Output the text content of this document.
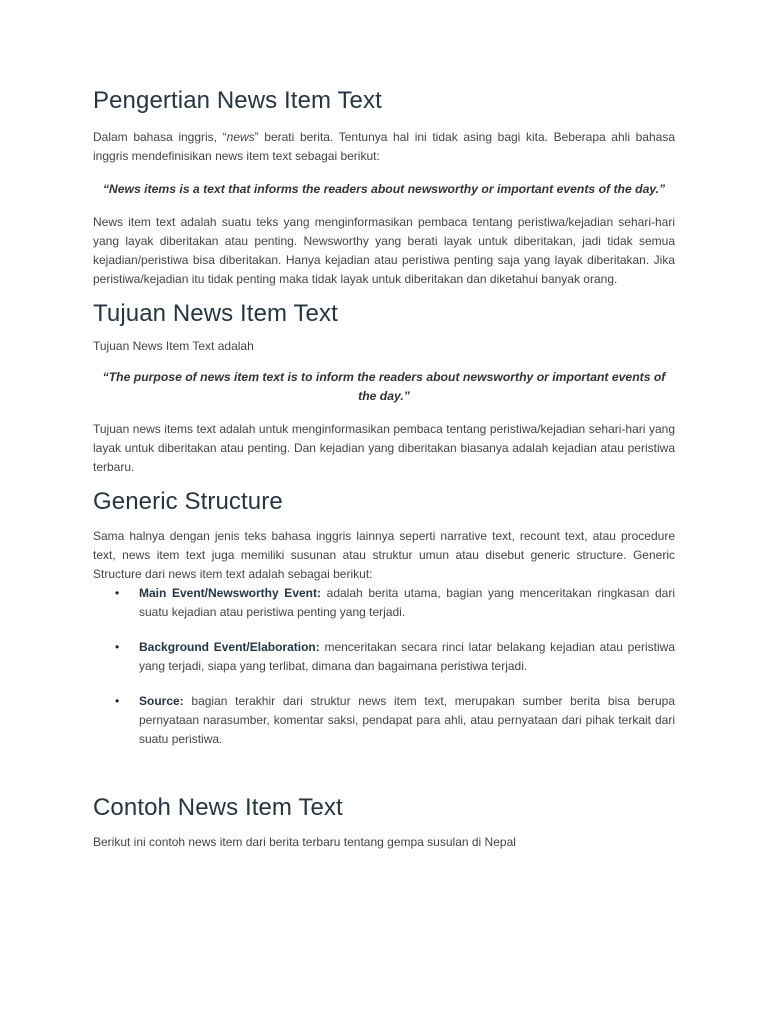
Pengertian News Item Text

Dalam bahasa inggris, “news” berati berita. Tentunya hal ini tidak asing bagi kita. Beberapa ahli bahasa inggris mendefinisikan news item text sebagai berikut:

“News items is a text that informs the readers about newsworthy or important events of the day.”

News item text adalah suatu teks yang menginformasikan pembaca tentang peristiwa/kejadian sehari-hari yang layak diberitakan atau penting. Newsworthy yang berati layak untuk diberitakan, jadi tidak semua kejadian/peristiwa bisa diberitakan. Hanya kejadian atau peristiwa penting saja yang layak diberitakan. Jika peristiwa/kejadian itu tidak penting maka tidak layak untuk diberitakan dan diketahui banyak orang.

Tujuan News Item Text

Tujuan News Item Text adalah

“The purpose of news item text is to inform the readers about newsworthy or important events of the day.”

Tujuan news items text adalah untuk menginformasikan pembaca tentang peristiwa/kejadian sehari-hari yang layak untuk diberitakan atau penting. Dan kejadian yang diberitakan biasanya adalah kejadian atau peristiwa terbaru.

Generic Structure

Sama halnya dengan jenis teks bahasa inggris lainnya seperti narrative text, recount text, atau procedure text, news item text juga memiliki susunan atau struktur umun atau disebut generic structure. Generic Structure dari news item text adalah sebagai berikut:

• Main Event/Newsworthy Event: adalah berita utama, bagian yang menceritakan ringkasan dari suatu kejadian atau peristiwa penting yang terjadi.
• Background Event/Elaboration: menceritakan secara rinci latar belakang kejadian atau peristiwa yang terjadi, siapa yang terlibat, dimana dan bagaimana peristiwa terjadi.
• Source: bagian terakhir dari struktur news item text, merupakan sumber berita bisa berupa pernyataan narasumber, komentar saksi, pendapat para ahli, atau pernyataan dari pihak terkait dari suatu peristiwa.
Contoh News Item Text

Berikut ini contoh news item dari berita terbaru tentang gempa susulan di Nepal
